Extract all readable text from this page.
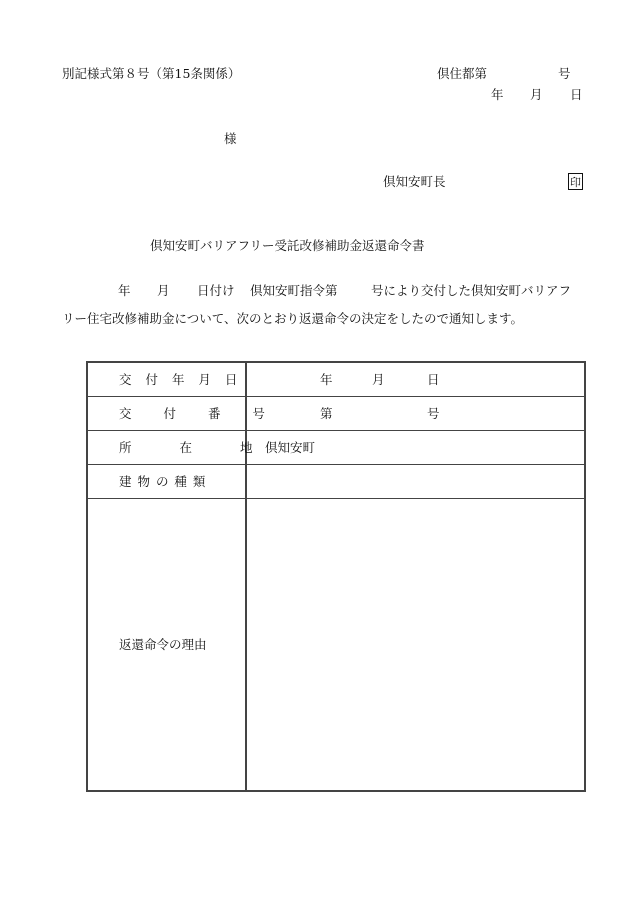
別記様式第８号（第15条関係）	倶住都第	号
年 月 日
様
倶知安町長	印
倶知安町バリアフリー受託改修補助金返還命令書
年 月 日付け 倶知安町指令第	号により交付した倶知安町バリアフ
リー住宅改修補助金について、次のとおり返還命令の決定をしたので通知します。
交 付 年 月 日	年 月 日

交 付 番 号	第 号

所 在 地	倶知安町

建 物 の 種 類	

返還命令の理由	
